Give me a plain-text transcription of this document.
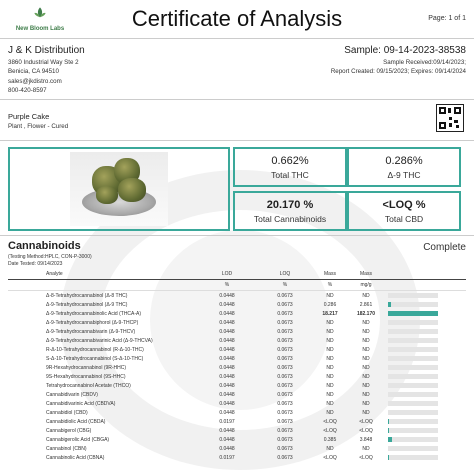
New Bloom Labs	Certificate of Analysis	Page: 1 of 1
J & K Distribution
3860 Industrial Way Ste 2
Benicia, CA 94510
sales@jkdistro.com
800-420-8597
Sample: 09-14-2023-38538
Sample Received:09/14/2023;
Report Created: 09/15/2023; Expires: 09/14/2024
Purple Cake
Plant , Flower - Cured
0.662%
Total THC
0.286%
Δ-9 THC
20.170 %
Total Cannabinoids
<LOQ %
Total CBD
Cannabinoids
(Testing Method:HPLC, CON-P-3000)
Date Tested: 09/14/2023
Complete
Analyte	LOD	LOQ	Mass	Mass	
	%	%	%	mg/g	
Δ-8-Tetrahydrocannabinol (Δ-8 THC)	0.0448	0.0673	ND	ND	

Δ-9-Tetrahydrocannabinol (Δ-9 THC)	0.0448	0.0673	0.286	2.861	

Δ-9-Tetrahydrocannabinolic Acid (THCA-A)	0.0448	0.0673	18.217	182.170	

Δ-9-Tetrahydrocannabiphorol (Δ-9-THCP)	0.0448	0.0673	ND	ND	

Δ-9-Tetrahydrocannabivarin (Δ-9-THCV)	0.0448	0.0673	ND	ND	

Δ-9-Tetrahydrocannabivarinic Acid (Δ-9-THCVA)	0.0448	0.0673	ND	ND	

R-Δ-10-Tetrahydrocannabinol (R-Δ-10-THC)	0.0448	0.0673	ND	ND	

S-Δ-10-Tetrahydrocannabinol (S-Δ-10-THC)	0.0448	0.0673	ND	ND	

9R-Hexahydrocannabinol (9R-HHC)	0.0448	0.0673	ND	ND	

9S-Hexahydrocannabinol (9S-HHC)	0.0448	0.0673	ND	ND	

Tetrahydrocannabinol Acetate (THCO)	0.0448	0.0673	ND	ND	

Cannabidivarin (CBDV)	0.0448	0.0673	ND	ND	

Cannabidivarinic Acid (CBDVA)	0.0448	0.0673	ND	ND	

Cannabidiol (CBD)	0.0448	0.0673	ND	ND	

Cannabidiolic Acid (CBDA)	0.0197	0.0673	<LOQ	<LOQ	

Cannabigerol (CBG)	0.0448	0.0673	<LOQ	<LOQ	

Cannabigerolic Acid (CBGA)	0.0448	0.0673	0.385	3.848	

Cannabinol (CBN)	0.0448	0.0673	ND	ND	

Cannabinolic Acid (CBNA)	0.0197	0.0673	<LOQ	<LOQ	
